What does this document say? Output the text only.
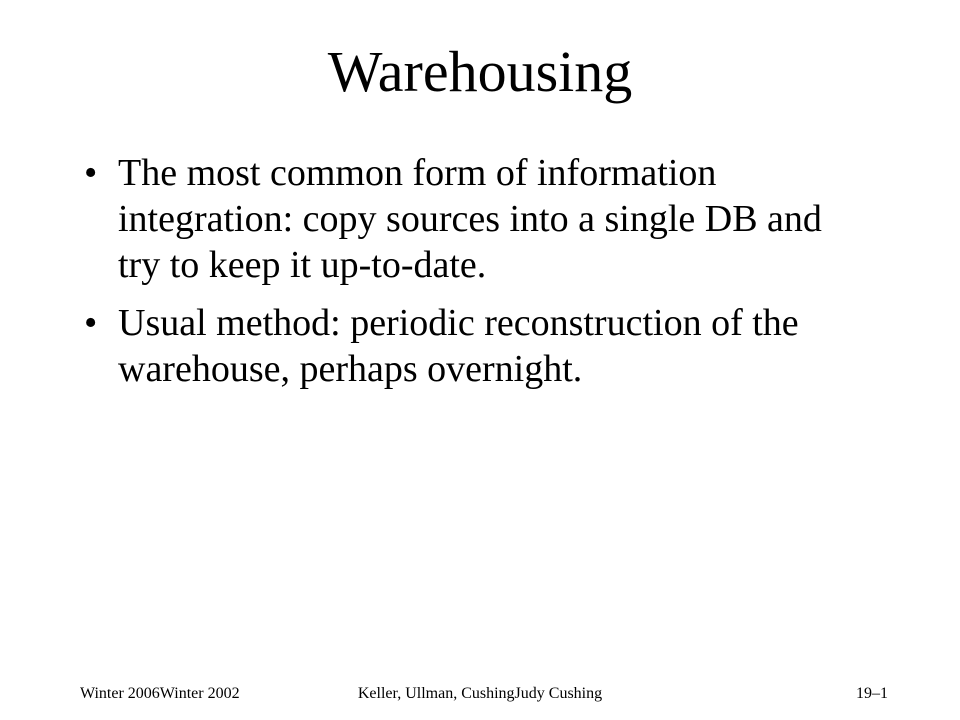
Warehousing
• The most common form of information integration: copy sources into a single DB and try to keep it up-to-date.
• Usual method: periodic reconstruction of the warehouse, perhaps overnight.
Winter 2006Winter 2002	Keller, Ullman, CushingJudy Cushing	19–1
